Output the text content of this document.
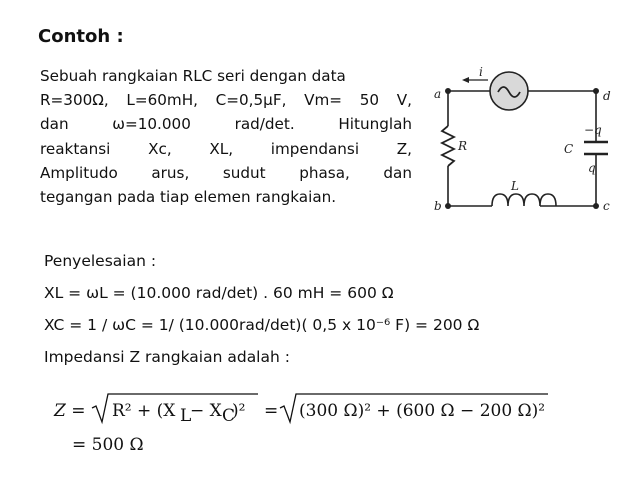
Contoh :

Sebuah rangkaian RLC seri dengan data

R=300Ω, L=60mH, C=0,5µF, Vm= 50 V,

dan ω=10.000 rad/det. Hitunglah

reaktansi Xc, XL, impendansi Z,

Amplitudo arus, sudut phasa, dan

tegangan pada tiap elemen rangkaian.

i
a
b	c
d
R	C
L
−q
q
Penyelesaian :
XL = ωL = (10.000 rad/det) . 60 mH = 600 Ω
XC = 1 / ωC = 1/ (10.000rad/det)( 0,5 x 10⁻⁶ F) = 200 Ω
Impedansi Z rangkaian adalah :
Z = R² + (X L
− X C
)² = (300 Ω)² + (600 Ω − 200 Ω)²
= 500 Ω
